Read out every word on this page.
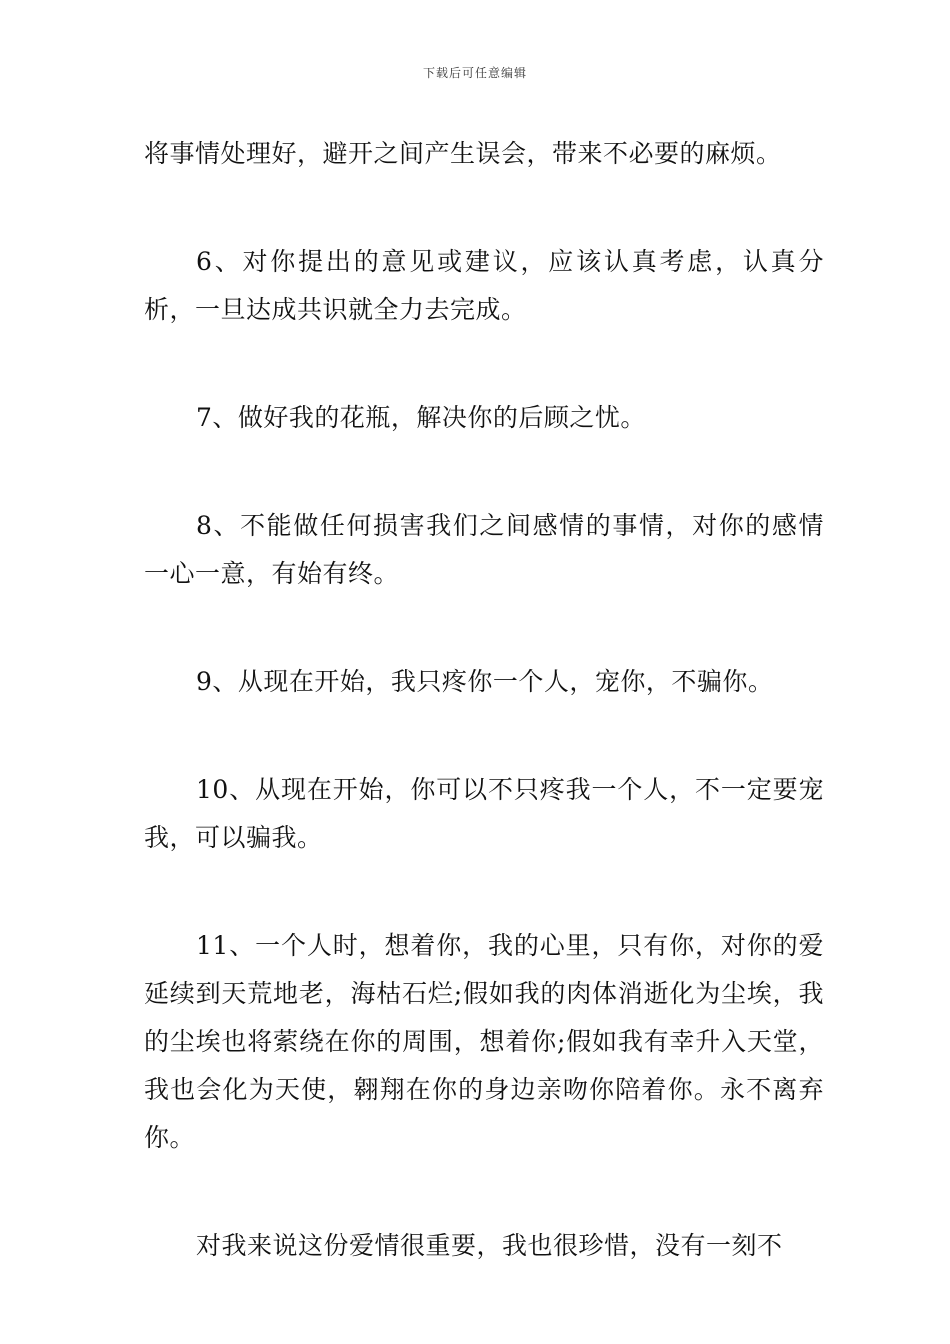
下载后可任意编辑

将事情处理好，避开之间产生误会，带来不必要的麻烦。

6、对你提出的意见或建议，应该认真考虑，认真分析，一旦达成共识就全力去完成。

7、做好我的花瓶，解决你的后顾之忧。

8、不能做任何损害我们之间感情的事情，对你的感情一心一意，有始有终。

9、从现在开始，我只疼你一个人，宠你，不骗你。

10、从现在开始，你可以不只疼我一个人，不一定要宠我，可以骗我。

11、一个人时，想着你，我的心里，只有你，对你的爱延续到天荒地老，海枯石烂;假如我的肉体消逝化为尘埃，我的尘埃也将萦绕在你的周围，想着你;假如我有幸升入天堂，我也会化为天使，翱翔在你的身边亲吻你陪着你。永不离弃你。

对我来说这份爱情很重要，我也很珍惜，没有一刻不
